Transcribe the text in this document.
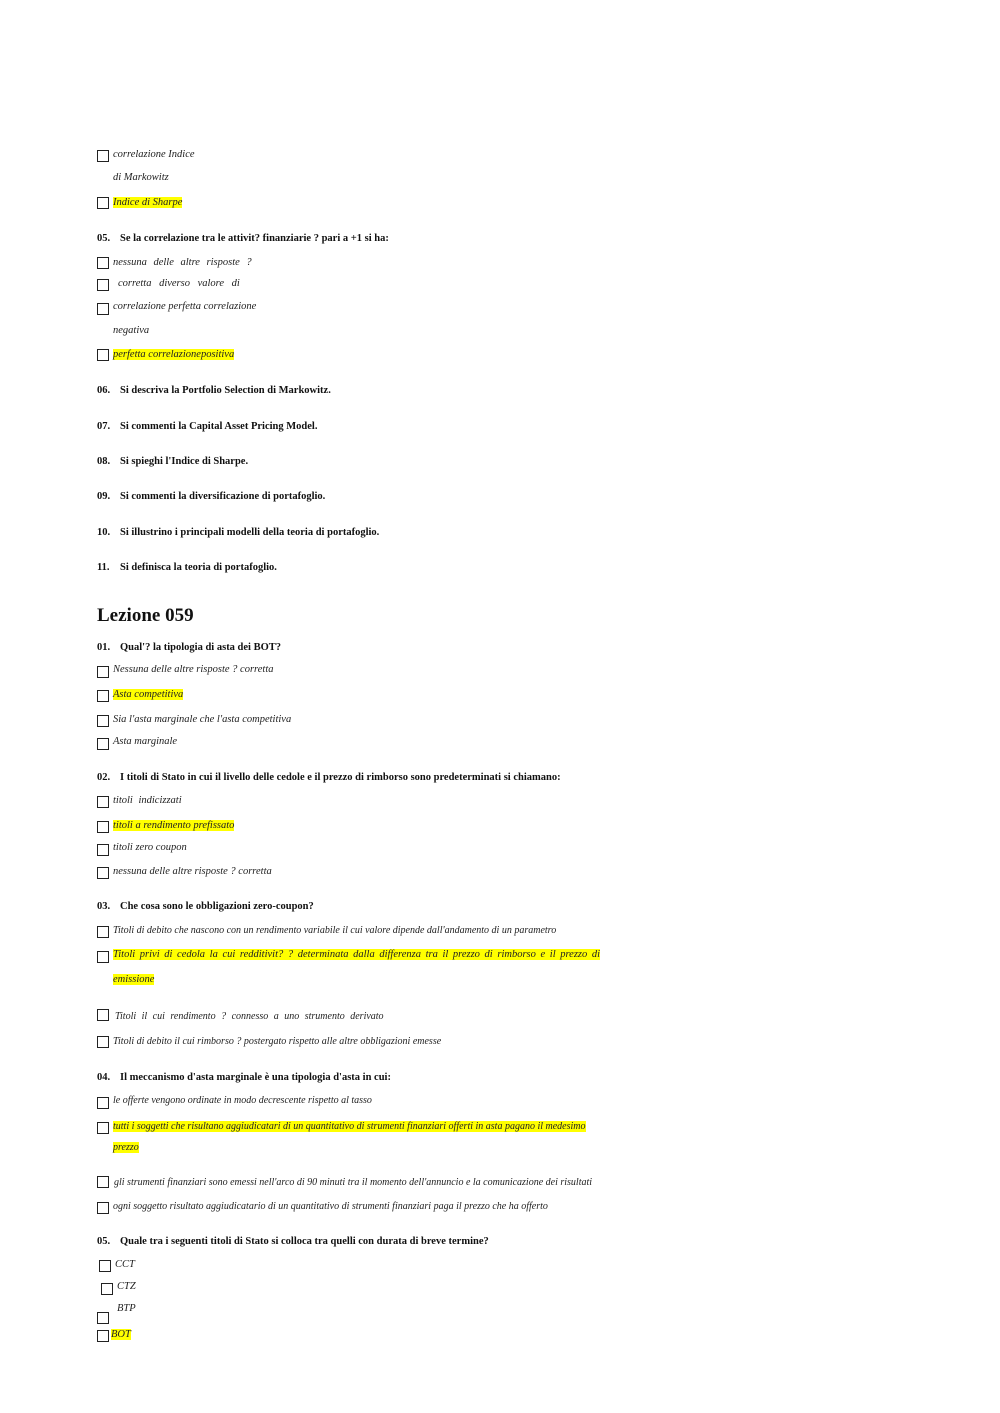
correlazione Indice
di Markowitz
Indice di Sharpe
05. Se la correlazione tra le attivit? finanziarie ? pari a +1 si ha:
nessuna delle altre risposte ?
corretta diverso valore di
correlazione perfetta correlazione
negativa
perfetta correlazionepositiva
06. Si descriva la Portfolio Selection di Markowitz.
07. Si commenti la Capital Asset Pricing Model.
08. Si spieghi l'Indice di Sharpe.
09. Si commenti la diversificazione di portafoglio.
10. Si illustrino i principali modelli della teoria di portafoglio.
11. Si definisca la teoria di portafoglio.
Lezione 059
01. Qual'? la tipologia di asta dei BOT?
Nessuna delle altre risposte ? corretta
Asta competitiva
Sia l'asta marginale che l'asta competitiva
Asta marginale
02. I titoli di Stato in cui il livello delle cedole e il prezzo di rimborso sono predeterminati si chiamano:
titoli indicizzati
titoli a rendimento prefissato
titoli zero coupon
nessuna delle altre risposte ? corretta
03. Che cosa sono le obbligazioni zero-coupon?
Titoli di debito che nascono con un rendimento variabile il cui valore dipende dall'andamento di un parametro
Titoli privi di cedola la cui redditivit? ? determinata dalla differenza tra il prezzo di rimborso e il prezzo di
emissione
Titoli il cui rendimento ? connesso a uno strumento derivato
Titoli di debito il cui rimborso ? postergato rispetto alle altre obbligazioni emesse
04. Il meccanismo d'asta marginale è una tipologia d'asta in cui:
le offerte vengono ordinate in modo decrescente rispetto al tasso
tutti i soggetti che risultano aggiudicatari di un quantitativo di strumenti finanziari offerti in asta pagano il medesimo
prezzo
gli strumenti finanziari sono emessi nell'arco di 90 minuti tra il momento dell'annuncio e la comunicazione dei risultati
ogni soggetto risultato aggiudicatario di un quantitativo di strumenti finanziari paga il prezzo che ha offerto
05. Quale tra i seguenti titoli di Stato si colloca tra quelli con durata di breve termine?
CCT
CTZ
BTP
BOT
